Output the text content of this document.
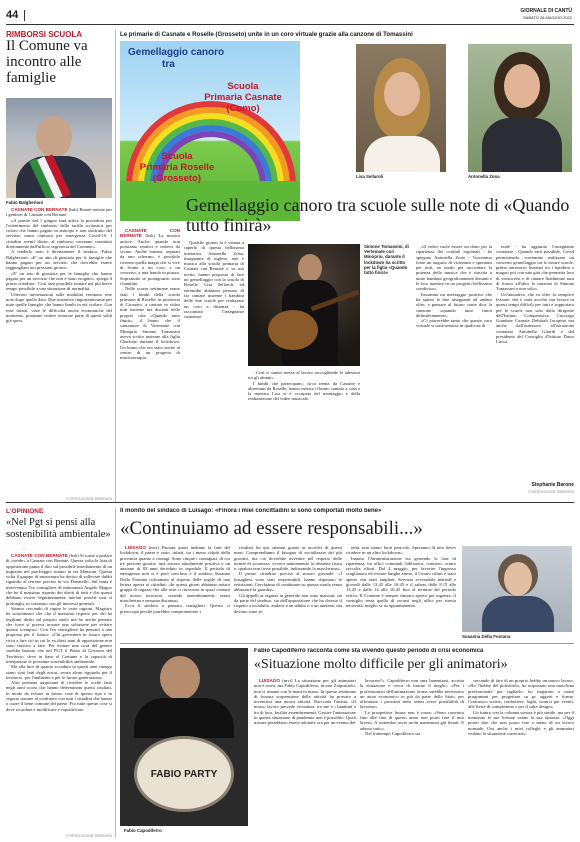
44	GIORNALE DI CANTÙ
SABATO 28 MAGGIO 2022
RIMBORSI SCUOLA
Il Comune va incontro alle famiglie
Fabio Balgherioni

CASNATE CON BERNATE (bsh) Buone notizie per i genitori di Casnate con Bernate.

«A partire dal 1 giugno sarà attiva la procedura per l'ottenimento del rimborso della tariffa scolastica per coloro che hanno pagato in anticipo e non usufruito del servizio causa chiusura per emergenza Covid-19. I cittadini aventi diritto al rimborso verranno contattati direttamente dall'ufficio segreteria del Comune».

A renderlo noto è direttamente il sindaco, Fabio Balgherioni: «E' un atto di giustizia per le famiglie che hanno pagato per un servizio che dovrebbe essere ragguagliato nei prossimi giorni».

«E' un atto di giustizia per le famiglie che hanno pagato per un servizio che non è stato erogato», spiega il primo cittadino - Così sarà possibile tornare nel più breve tempo possibile a una situazione di normalità.

Ulteriori informazioni sulle modalità verranno rese note dopo quella data. Due iniziative importantissime per tutte quelle famiglie che hanno bimbi in età scolare. Con esse infatti, viste le difficoltà anche economiche del momento, potranno vedere rientrare parte di questi soldi già spesi.

© RIPRODUZIONE RISERVATA
Le primarie di Casnate e Roselle (Grosseto) unite in un coro virtuale grazie alla canzone di Tomassini
Gemellaggio canoro
tra
Scuola
Primaria Casnate
(Como)
Scuola
Primaria Roselle
(Grosseto)	Lisa Sellaroli	Antonella Zona
Gemellaggio canoro tra scuole sulle note di «Quando tutto finirà»

CASNATE CON BERNATE (bsh) La musica unisce. Anche quando non possiamo sentirci e vederci da vicino. Anche lontani, separati da uno schermo, è possibile ricreare quella magia che si vive di fronte a un coro, a un concerto, a una banda in piazza. Soprattutto se protagonisti sono i bambini.

Nelle scorse settimane erano stati i bimbi della scuola primaria di Roselle, in provincia di Grosseto, a cantare in video tutti insieme ma distanti nelle proprie case «Quando tutto finirà», il brano che il cantautore di Vertemate con Minoprio Simone Tomassini aveva scritto insieme alla figlia Charlotte durante il lockdown. Un brano che era stato anche al centro di un progetto di musicoterapia.

Qualche giorno fa è venuta a saperlo di questa bellissima iniziativa Antonella Zona, insegnante di inglese, arte e musica alla scuola primaria di Casnate con Bernate e, su suo invito, hanno proposto di fare un gemellaggio con la scuola di Roselle. Lisa Sellaroli, ed entrambe abbiamo pensato di far cantare insieme i bambini delle due scuole per realizzare un coro a distanza - ha raccontato l'insegnante casnatese.

Simone Tomassini, di Vertemate con Minoprio, durante il lockdown ha scritto per la figlia «Quando tutto finirà»

- Così ci siamo messe al lavoro raccogliendo le adesioni tra gli alunni».

I bimbi che partecipano, circa trenta da Casnate e altrettanti da Roselle, hanno inviato il brano cantato a casa e la maestra Lisa si è occupata del montaggio e della realizzazione del video musicale.

«Il video vuole essere un dono per la ripartenza dei cordiali regionali - ha spiegato Antonella Zona - Vorremmo fosse un augurio di vicinanza e speranza per tutti, un modo per raccontare la potenza della musica che è riuscita a unire bambini geograficamente distanti e le loro maestre in un progetto bellissimo condiviso».

Insomma un messaggio positivo che ha spinto le due insegnanti ad andare oltre, e pensare al futuro come dice la canzone «quando tutto finirà definitivamente».

«Ci piacerebbe tanto che questo coro virtuale si trasformasse in qualcosa di

reale - ha aggiunto l'insegnante casnatese - Quando sarà possibile, Covid permettendo, vorremmo realizzare un concerto gemellaggio tra le nostre scuole, prima attraverso Internet tra i bambini e magari poi con una gita che permetta loro di conoscersi e di cantare finalmente sani di fianco all'altro la canzone di Simone Tomassini e non solo».

Un'iniziativa, che va oltre la semplice lezione, che è stata accolta con favore tu questi tempi difficili per tutti e supportato per le scuole non solo dalla dirigente dell'Istituto Comprensivo Cucciago Grandate Casnate Deborah Iacopino ma anche dall'assessore all'istruzione casnatese Antonella Girardi e dal presidente del Consiglio d'Istituto Dario Lucca.

Stephanie Barone
© RIPRODUZIONE RISERVATA
L'OPINIONE
«Nel Pgt si pensi alla sostenibilità ambientale»

CASNATE CON BERNATE (bsh) Si torna a parlare di «verde» a Casnate con Bernate. Questa volta la lista di opposizione punta il dito sul possibile insediamento di un impianto nel parcheggio situato in via Manzoni. Questa volta il gruppo di minoranza ha deciso di sollevare dubbi riguardo al terreno privato in via Donatello. Sul tema è intervenuto l'ex consigliere di minoranza Angelo Magno che ho il massimo rispetto dei diritti di tutti e che questi debbano essere legittimamente tutelati purché non si prolunghi, in contrasto con gli interessi generali.

Stiamo cercando di capire le varie ragioni, Magistro ha sottolineato che «ho il massimo rispetto per chi ha legittimi diritti sul proprio suolo ma ho anche pensato che forse si poteva trovare una soluzione per evitare questo scempio». Con l'ex consigliere ha pensato a una proposta per il futuro: «Chi governerà in futuro spero ricca a fare ciò in cui lo ex dieci anni di opposizione non sono riuscito a fare. Per evitare una cosa del genere sarebbe bastato che nel PGT il Piano di Governo del Territorio, deve in base al Comune e la capacità di interpretare le prossime sostenibilità ambientale.

Ma alla luce di quanto accaduto in questi anni ritengo siano stati fatti degli errori, senza alcun riguardo per il territorio, per l'ambiente e per le future generazioni».

Altri pertanto auspicano di rivedere le scelte fatte negli anni scorsi che hanno determinato questi risultati, in modo da evitare in futuro cose di questo tipo e in seguito tornare al confronto con tutti i cittadini che hanno a cuore il bene comune del paese. Fra tutte queste cose si deve ricordare e modificare e riqualificare.

© RIPRODUZIONE RISERVATA
Il monito del sindaco di Luisago: «Finora i miei concittadini si sono comportati molto bene»
«Continuiamo ad essere responsabili...»

LUISAGO (mvt) Passata quasi indenne la fase del lockdown, il paese è stato, infatti, tra i meno colpiti della provincia quanto a contagi. Sono cinque i contagiati, di cui tre persone guarite, una ancora attualmente positiva e un anziano di 83 anni deceduto in ospedale. Il periodo di emergenza non si è però concluso e il sindaco Susanna Della Fontana richiamata al rispetto delle regole di una lettera aperta ai cittadini: «In questi giorni abbiamo notato gruppi di ragazzi che alle sere ci ritrovano in spazi comuni del nostro territorio, creando assembramenti, senza mascherina e nessuna distanza».

Ecco il sindaco a pensato consiglieri. Questo ci preoccupa perché potrebbe compromettere i

risultati fin qui ottenuti grazie ai sacrifici di questi mesi. Comprendiamo il bisogno di socializzare dei più giovani, ma ciò dovrebbe avvenire nel rispetto delle norme di sicurezza, ovvero mantenendo la distanza fisica e, qualora non fosse possibile, indossando la mascherina».

Il primo cittadino precisa al nostro giornale: «I luisaghesi sono stati responsabili, hanno rispettato le restrizioni. Cerchiamo di continuare su questa strada senza abbassare la guardia».

Gli appelli ai ragazzi in generale non sono mancati, sia da parte del sindaco, sia dell'opposizione che ha chiesto il rispetto a un'adulto, andava a un adulto o a un anziano, ma devono stare at-

tenti, non siamo fuori pericolo. Speriamo di non dover ricadere in un altro lockdown».

Intanto l'Amministrazione sta gestendo la fase di ripartenza, tra uffici comunali, biblioteca, cimitero, centro raccolta rifiuti. Dal 4 maggio, per favorire l'ingresso scaglionato ed evitare lunghe attese, il Centro rifiuti è stato aperto con orari ampliati. Servizio accessibile martedì e giovedì dalle 13.45 alle 16.45 e il sabato dalle 8.15 alle 13.45 e dalle 14 alle 16.45 fino al termine del periodo estivo. Il Comune è sempre rimasto aperto per urgenze, il consiglio resta quello di recarsi negli uffici per stretta necessità, meglio se su appuntamento.

Susanna Della Fontana
Fabio Capodiferro racconta come sta vivendo questo periodo di crisi economica
«Situazione molto difficile per gli animatori»
FABIO PARTY
Fabio Capodiferro

LUISAGO (mvt) La situazione per gli animatori non è rosea, ma Fabio Capodiferro, in arte Ziopustiolo, non ci rimane con le mani in mano. In queste settimane di forzata sospensione delle attività ha provato a inventarsi una nuova attività. Racconta l'artista: «Il nostro lavoro prevede vicinanza, tra me e i bambini e tra di loro, facilita assembramenti. Gestire l'animazione in questa situazione di pandemia non è possibile. Quali misure potrebbero essere adottate ora per un evento del

lavorare?». Capodiferro non sma lamentarsi, accetta la situazione e cerca di tirarne il meglio: «Per i professionisti dell'animazione ferma sarebbe necessario un aiuto economico in più da parte dello Stato, per affrontare i prossimi mesi senza avere possibilità di lavorare».

La prospettiva futura non è rosea: «Sono convinto fino alla fine di questo anno non potrò fare il mio lavoro. A settembre avrei molti matrimoni già fissati. E adesso tutto».

Nel frattempo Capodiferro sta

cercando di fare di un proprio hobby un nuovo lavoro. «Ho l'hobby del polistirolo, ho acquistato una macchina professionale per tagliarlo, ho imparato a usare programmi per progettare su pc oggetti e forme. Costruisco scritte, confettiere, loghi, cornici per eventi, alle fieste di compleanno e per il cake design».

Un futuro con la colonna sonora è più simile, ma per il momento le sue fortune vanno la sua fantasia. «Oggi potrei dire che non posso fare a meno di un lavoro normale. Ora anche i miei colleghi e gli animatori vedono la situazione come me».
